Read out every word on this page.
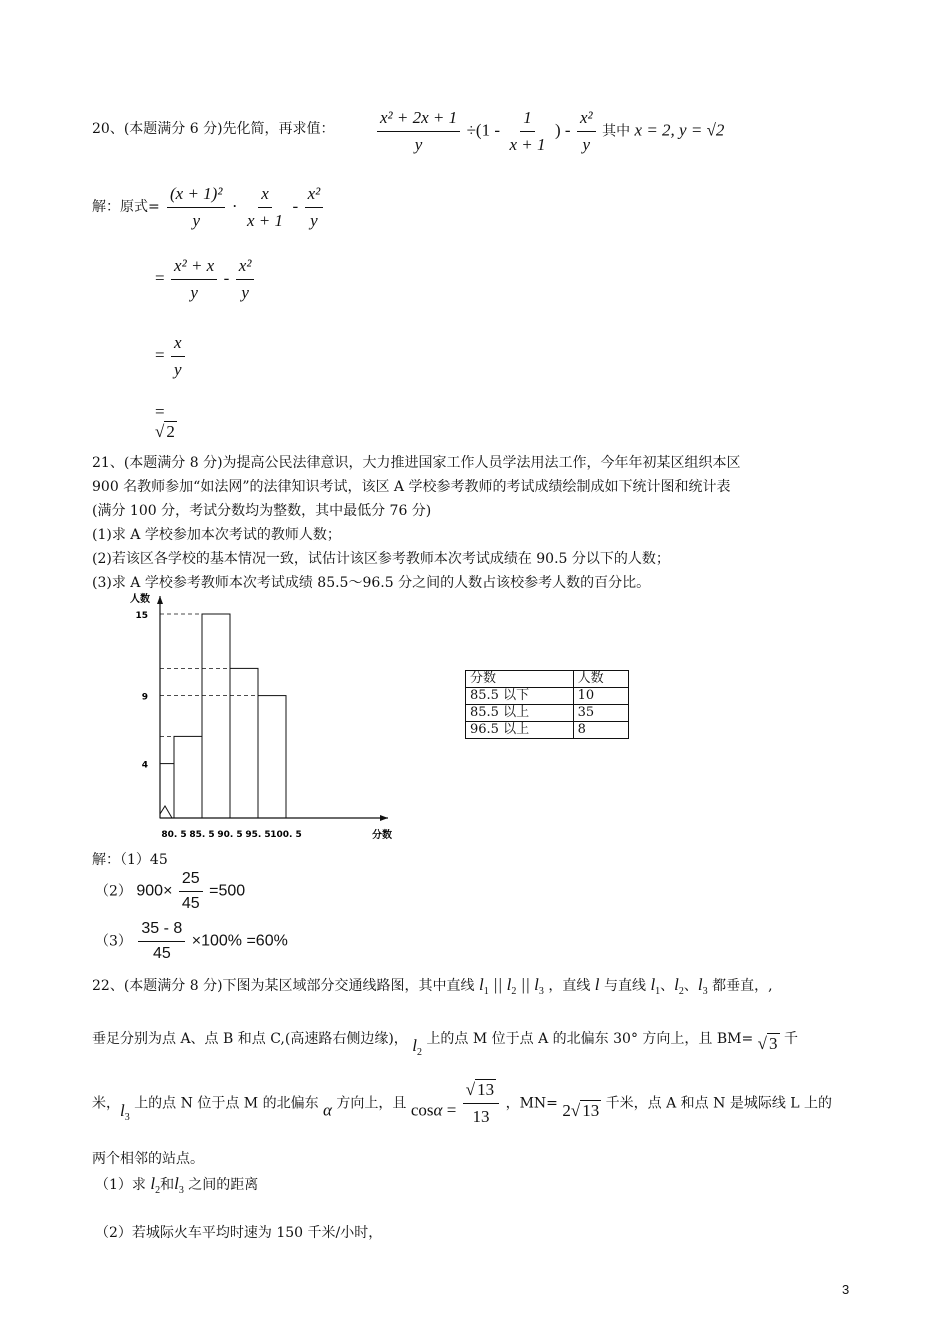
20、(本题满分 6 分)先化简，再求值： $\frac{\text{x² + 2x + 1}}{y} \div(1 - \frac{1}{x + 1}$ ) - $\frac{\text{x²}}{y}$ 其中 x = 2, y = √2
解：原式= $\frac{\text{(x + 1)²}}{y} \cdot \frac{x}{x + 1} - \frac{\text{x²}}{y}$
= $\frac{\text{x² + x}}{y} - \frac{\text{x²}}{y}$
= $\frac{x}{y}$
=
√ 2
21、(本题满分 8 分)为提高公民法律意识，大力推进国家工作人员学法用法工作，今年年初某区组织本区
900 名教师参加“如法网”的法律知识考试，该区 A 学校参考教师的考试成绩绘制成如下统计图和统计表
(满分 100 分，考试分数均为整数，其中最低分 76 分)
(1)求 A 学校参加本次考试的教师人数；
(2)若该区各学校的基本情况一致，试估计该区参考教师本次考试成绩在 90.5 分以下的人数；
(3)求 A 学校参考教师本次考试成绩 85.5～96.5 分之间的人数占该校参考人数的百分比。
人数
分数
4
9
15
80. 5 85. 5 90. 5 95. 5 100. 5
分数	人数
85.5 以下	10
85.5 以上	35
96.5 以上	8
解：（1）45
（2） $900\times \frac{25}{45} =500$
$(3) \frac{35 - 8}{45} \times 100\% =60\%$
22、(本题满分 8 分)下图为某区域部分交通线路图，其中直线 $l_1$ || $l_2$ || $l_3$ ，直线 l 与直线 $l_1$、$l_2$、$l_3$ 都垂直，,
垂足分别为点 A、点 B 和点 C,(高速路右侧边缘)， $l_2$ 上的点 M 位于点 A 的北偏东 30° 方向上，且 BM= √ 3 千
米，$l_3$ 上的点 N 位于点 M 的北偏东 α 方向上，且 $\cos\alpha = \frac{√ 13}{13}$ ，MN= 2√ 13 千米，点 A 和点 N 是城际线 L 上的
两个相邻的站点。
（1）求 $l_2$和$l_3$ 之间的距离
（2）若城际火车平均时速为 150 千米/小时，
3
